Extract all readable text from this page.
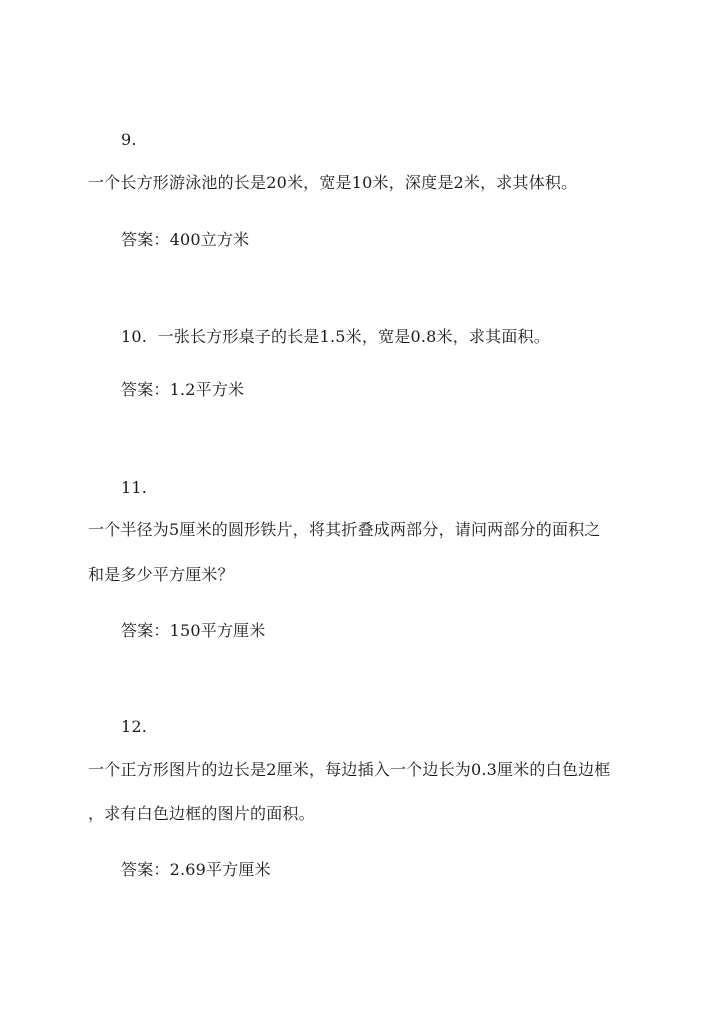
9.
一个长方形游泳池的长是20米，宽是10米，深度是2米，求其体积。
答案：400立方米
10. 一张长方形桌子的长是1.5米，宽是0.8米，求其面积。
答案：1.2平方米
11.
一个半径为5厘米的圆形铁片，将其折叠成两部分，请问两部分的面积之
和是多少平方厘米？
答案：150平方厘米
12.
一个正方形图片的边长是2厘米，每边插入一个边长为0.3厘米的白色边框
，求有白色边框的图片的面积。
答案：2.69平方厘米
